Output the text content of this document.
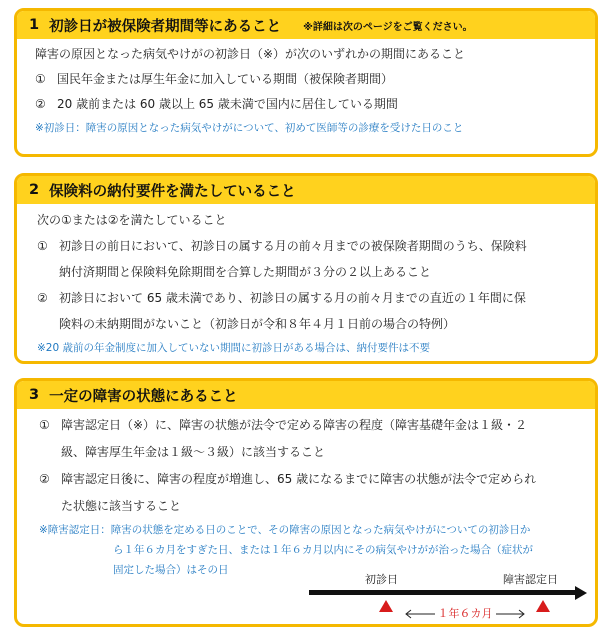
1 初診日が被保険者期間等にあること ※詳細は次のページをご覧ください。
障害の原因となった病気やけがの初診日（※）が次のいずれかの期間にあること
① 国民年金または厚生年金に加入している期間（被保険者期間）
② 20 歳前または 60 歳以上 65 歳未満で国内に居住している期間
※初診日：障害の原因となった病気やけがについて、初めて医師等の診療を受けた日のこと
2 保険料の納付要件を満たしていること
次の①または②を満たしていること
① 初診日の前日において、初診日の属する月の前々月までの被保険者期間のうち、保険料
納付済期間と保険料免除期間を合算した期間が３分の２以上あること
② 初診日において 65 歳未満であり、初診日の属する月の前々月までの直近の１年間に保
険料の未納期間がないこと（初診日が令和８年４月１日前の場合の特例）
※20 歳前の年金制度に加入していない期間に初診日がある場合は、納付要件は不要
3 一定の障害の状態にあること
① 障害認定日（※）に、障害の状態が法令で定める障害の程度（障害基礎年金は１級・２
級、障害厚生年金は１級～３級）に該当すること
② 障害認定日後に、障害の程度が増進し、65 歳になるまでに障害の状態が法令で定められ
た状態に該当すること
※障害認定日：障害の状態を定める日のことで、その障害の原因となった病気やけがについての初診日か
ら１年６カ月をすぎた日、または１年６カ月以内にその病気やけがが治った場合（症状が
固定した場合）はその日
初診日	障害認定日
１年６カ月
